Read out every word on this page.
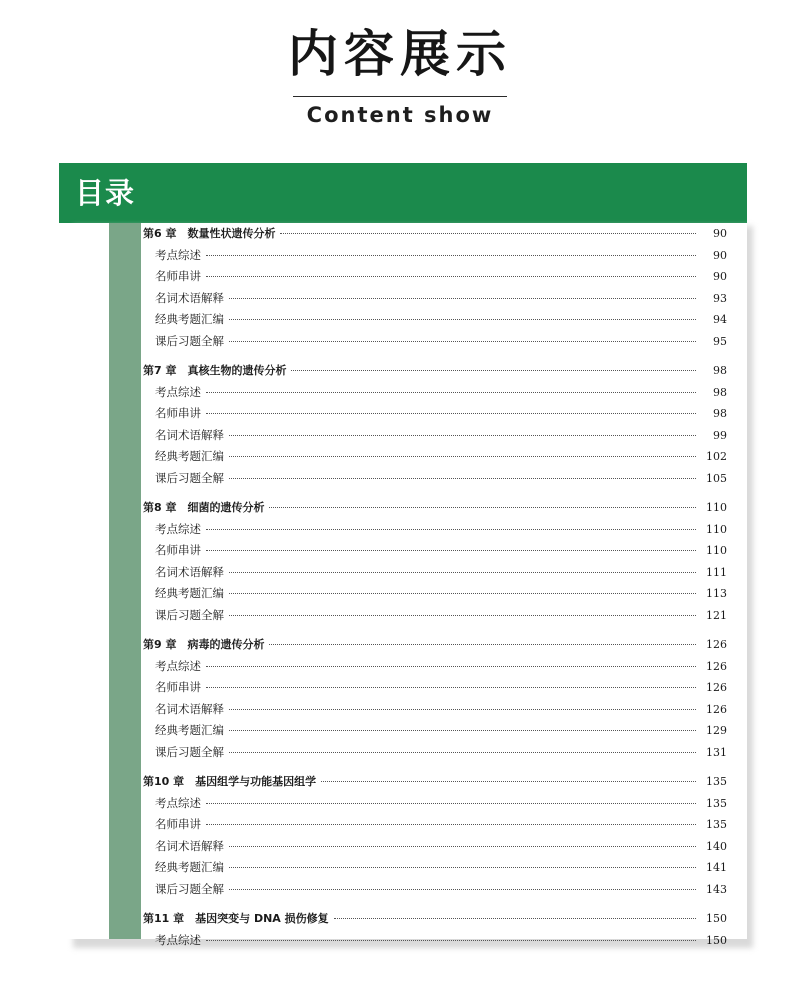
内容展示
Content show
目录
第6 章　数量性状遗传分析	90
考点综述	90
名师串讲	90
名词术语解释	93
经典考题汇编	94
课后习题全解	95
第7 章　真核生物的遗传分析	98
考点综述	98
名师串讲	98
名词术语解释	99
经典考题汇编	102
课后习题全解	105
第8 章　细菌的遗传分析	110
考点综述	110
名师串讲	110
名词术语解释	111
经典考题汇编	113
课后习题全解	121
第9 章　病毒的遗传分析	126
考点综述	126
名师串讲	126
名词术语解释	126
经典考题汇编	129
课后习题全解	131
第10 章　基因组学与功能基因组学	135
考点综述	135
名师串讲	135
名词术语解释	140
经典考题汇编	141
课后习题全解	143
第11 章　基因突变与 DNA 损伤修复	150
考点综述	150
